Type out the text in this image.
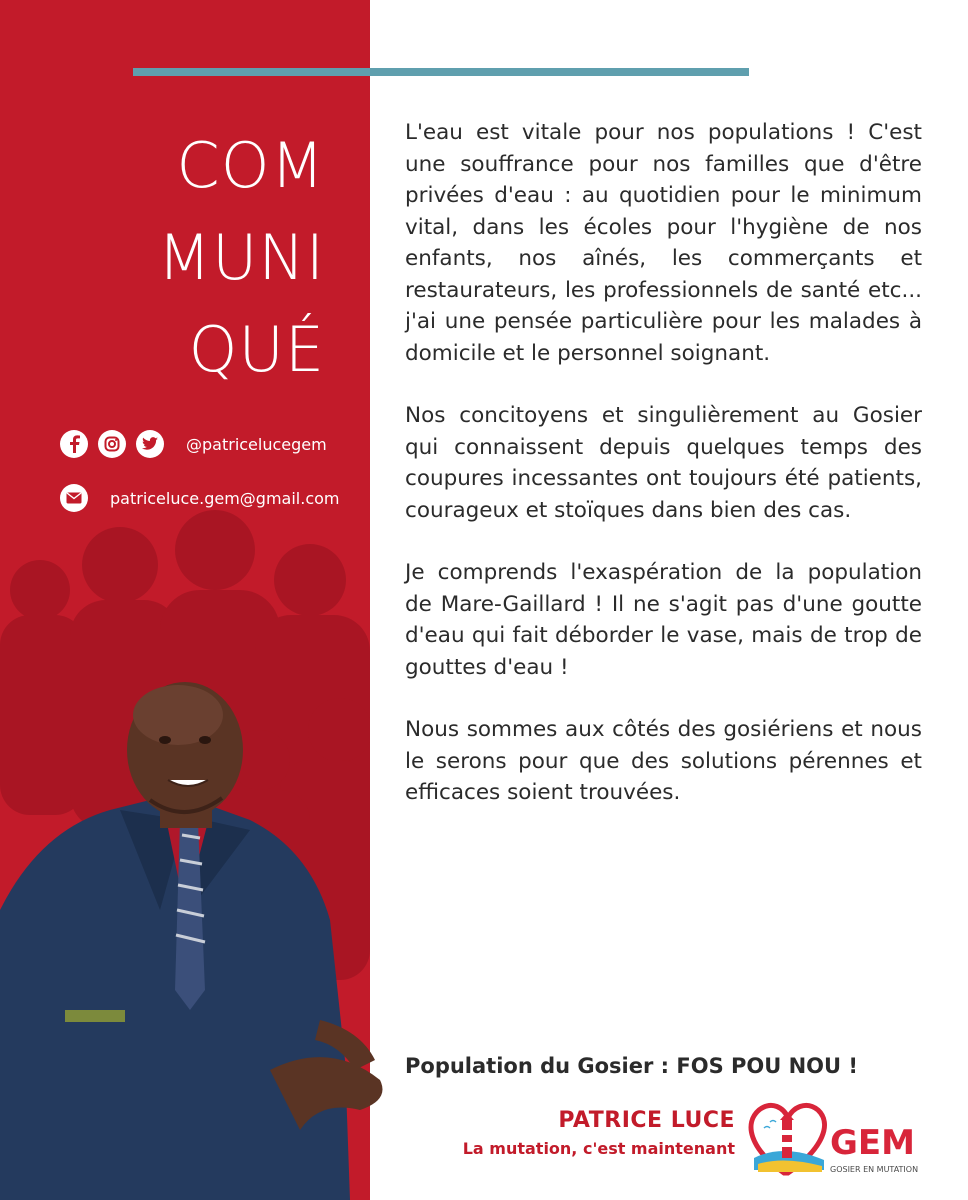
COM
MUNI
QUÉ
@patricelucegem
patriceluce.gem@gmail.com

L'eau est vitale pour nos populations ! C'est une souffrance pour nos familles que d'être privées d'eau : au quotidien pour le minimum vital, dans les écoles pour l'hygiène de nos enfants, nos aînés, les commerçants et restaurateurs, les professionnels de santé etc... j'ai une pensée particulière pour les malades à domicile et le personnel soignant.

Nos concitoyens et singulièrement au Gosier qui connaissent depuis quelques temps des coupures incessantes ont toujours été patients, courageux et stoïques dans bien des cas.

Je comprends l'exaspération de la population de Mare-Gaillard ! Il ne s'agit pas d'une goutte d'eau qui fait déborder le vase, mais de trop de gouttes d'eau !

Nous sommes aux côtés des gosiériens et nous le serons pour que des solutions pérennes et efficaces soient trouvées.

Population du Gosier : FOS POU NOU !
PATRICE LUCE
La mutation, c'est maintenant	GEM
GOSIER EN MUTATION
